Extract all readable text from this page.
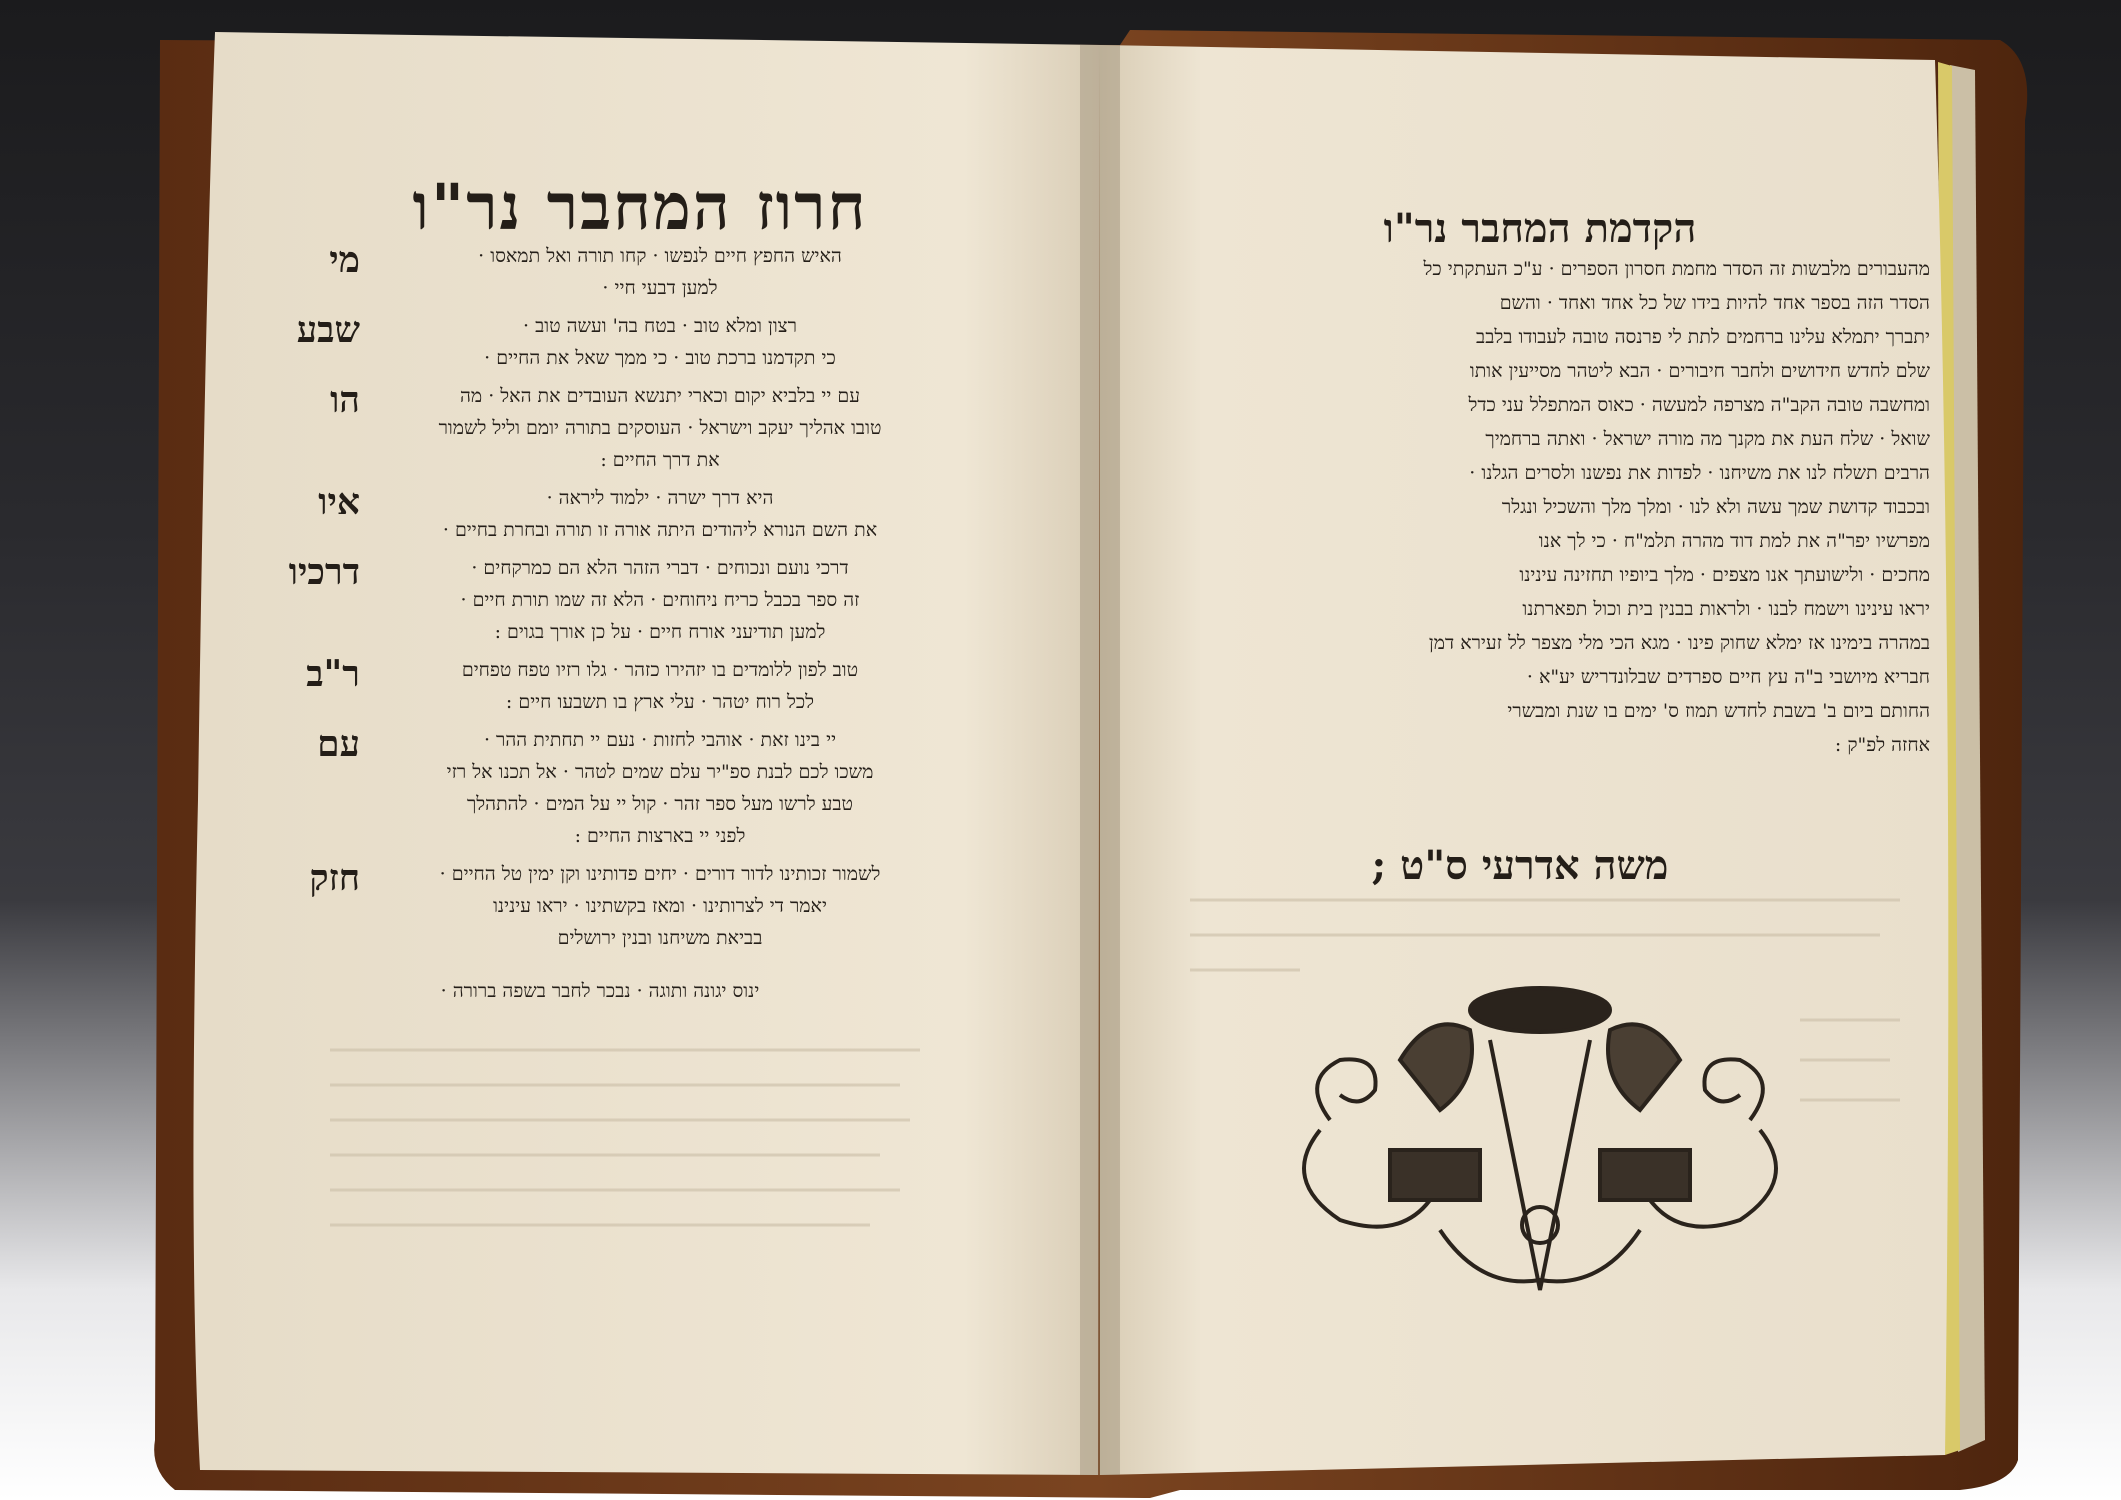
חרוז המחבר נר"ו
מי	האיש החפץ חיים לנפשו · קחו תורה ואל תמאסו ·
למען דבעי חיי ·
שבע	רצון ומלא טוב · בטח בה' ועשה טוב ·
כי תקדמנו ברכת טוב · כי ממך שאל את החיים ·
הו	עם יי בלביא יקום וכארי יתנשא העובדים את האל · מה
טובו אהליך יעקב וישראל · העוסקים בתורה יומם וליל לשמור
את דרך החיים :
איו	היא דרך ישרה · ילמוד ליראה ·
את השם הנורא ליהודים היתה אורה זו תורה ובחרת בחיים ·
דרכיו	דרכי נועם ונכוחים · דברי הזהר הלא הם כמרקחים ·
זה ספר בכבל כריח ניחוחים · הלא זה שמו תורת חיים ·
למען תודיעני אורח חיים · על כן אורך בגוים :
ר"ב	טוב לפון ללומדים בו יזהירו כזהר · גלו רזיו טפח טפחים
לכל רוח יטהר · עלי ארץ בו תשבעו חיים :
עם	יי בינו זאת · אוהבי לחזות · נעם יי תחתית ההר ·
משכו לכם לבנת ספ"יר עלם שמים לטהר · אל תכנו אל רזי
טבע לרשו מעל ספר זהר · קול יי על המים · להתהלך
לפני יי בארצות החיים :
חזק	לשמור זכותינו לדור דורים · יחים פדותינו וקן ימין טל החיים ·
יאמר די לצרותינו · ומאז בקשתינו · יראו עינינו
בביאת משיחנו ובנין ירושלים
ינוס יגונה ותוגה · נבכר לחבר בשפה ברורה ·
הקדמת המחבר נר"ו
מהעבורים מלבשות זה הסדר מחמת חסרון הספרים · ע"כ העתקתי כל
הסדר הזה בספר אחד להיות בידו של כל אחד ואחד · והשם
יתברך יתמלא עלינו ברחמים לתת לי פרנסה טובה לעבודו בלבב
שלם לחדש חידושים ולחבר חיבורים · הבא ליטהר מסייעין אותו
ומחשבה טובה הקב"ה מצרפה למעשה · כאוס המתפלל עני כדל
שואל · שלח העת את מקנך מה מורה ישראל · ואתה ברחמיך
הרבים תשלח לנו את משיחנו · לפדות את נפשנו ולסרים הגלנו ·
ובכבוד קדושת שמך עשה ולא לנו · ומלך מלך והשכיל ונגלר
מפרשיו יפר"ה את למת דוד מהרה תלמ"ח · כי לך אנו
מחכים · ולישועתך אנו מצפים · מלך ביופיו תחזינה עינינו
יראו עינינו וישמח לבנו · ולראות בבנין בית וכול תפארתנו
במהרה בימינו אז ימלא שחוק פינו · מגא הכי מלי מצפר לל זעירא דמן
חבריא מיושבי ב"ה עץ חיים ספרדים שבלונדריש יע"א ·
החותם ביום ב' בשבת לחדש תמוז ס' ימים בו שנת ומבשרי
אחזה לפ"ק :
משה אדרעי ס"ט ;
